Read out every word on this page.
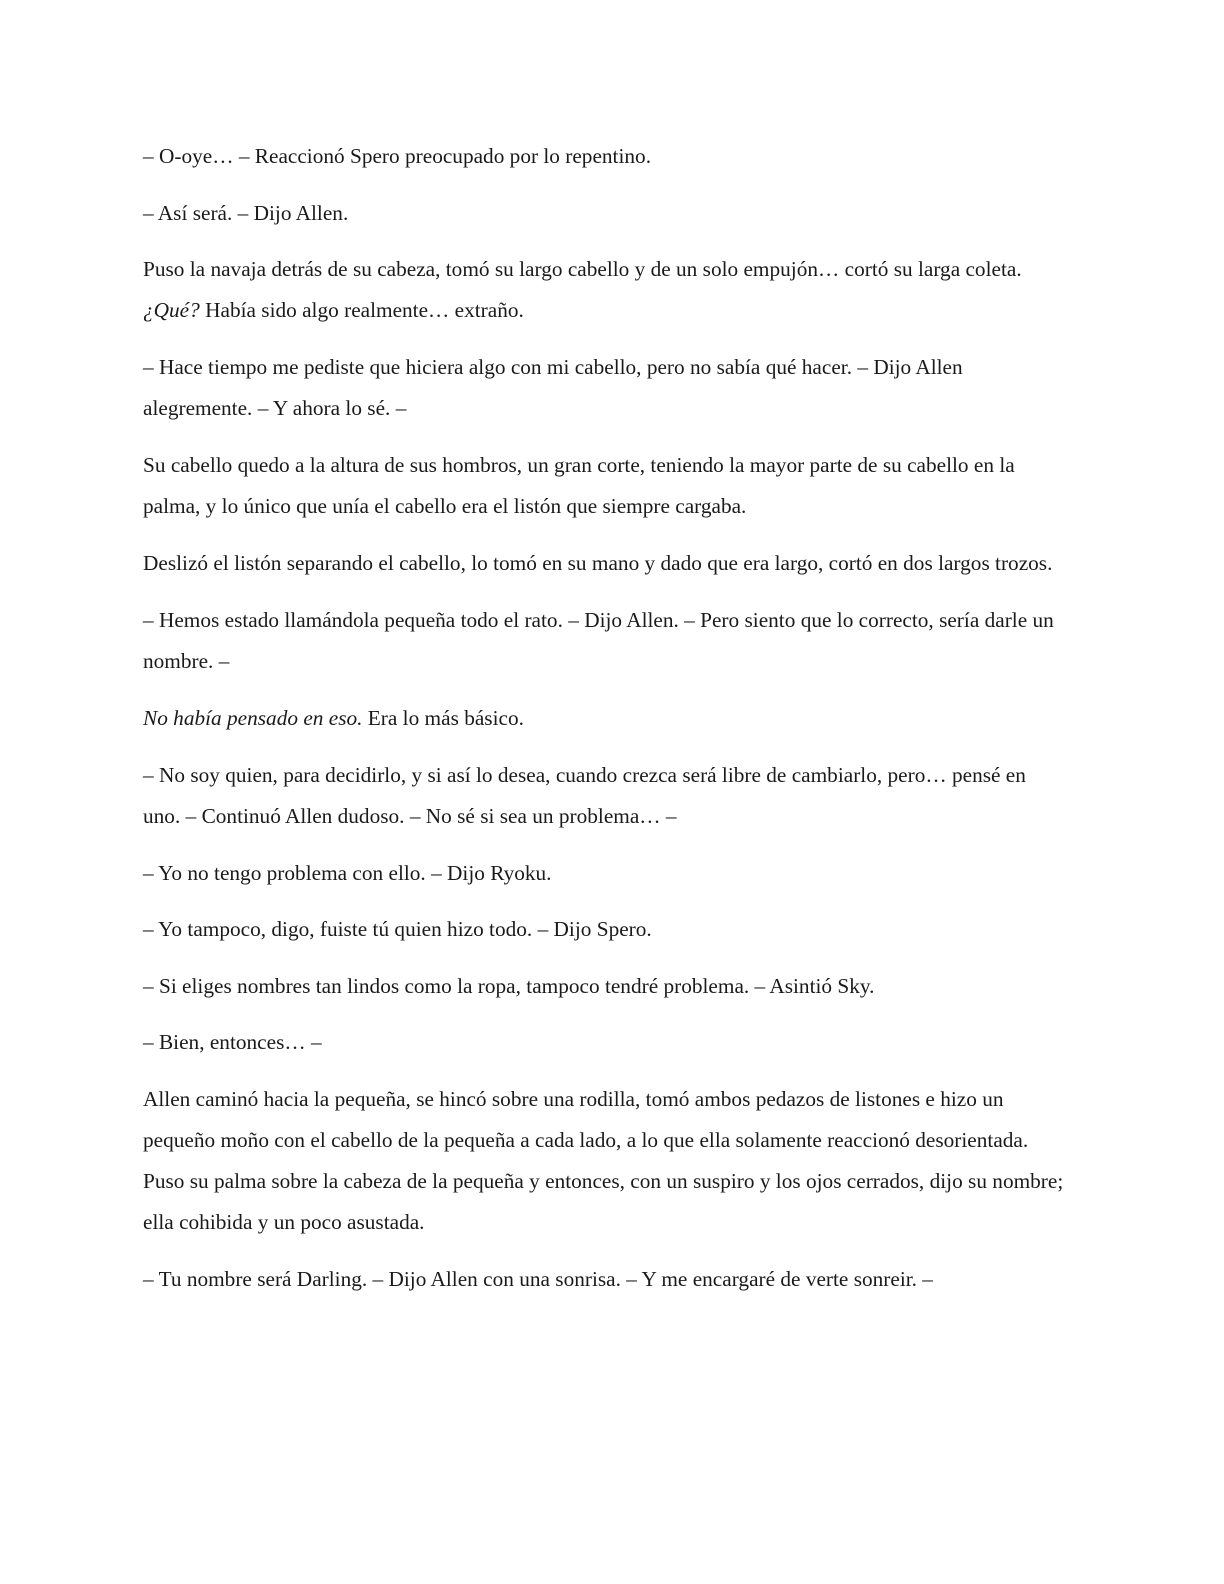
– O-oye… – Reaccionó Spero preocupado por lo repentino.

– Así será. – Dijo Allen.

Puso la navaja detrás de su cabeza, tomó su largo cabello y de un solo empujón… cortó su larga coleta. ¿Qué? Había sido algo realmente… extraño.

– Hace tiempo me pediste que hiciera algo con mi cabello, pero no sabía qué hacer. – Dijo Allen alegremente. – Y ahora lo sé. –

Su cabello quedo a la altura de sus hombros, un gran corte, teniendo la mayor parte de su cabello en la palma, y lo único que unía el cabello era el listón que siempre cargaba.

Deslizó el listón separando el cabello, lo tomó en su mano y dado que era largo, cortó en dos largos trozos.

– Hemos estado llamándola pequeña todo el rato. – Dijo Allen. – Pero siento que lo correcto, sería darle un nombre. –

No había pensado en eso. Era lo más básico.

– No soy quien, para decidirlo, y si así lo desea, cuando crezca será libre de cambiarlo, pero… pensé en uno. – Continuó Allen dudoso. – No sé si sea un problema… –

– Yo no tengo problema con ello. – Dijo Ryoku.

– Yo tampoco, digo, fuiste tú quien hizo todo. – Dijo Spero.

– Si eliges nombres tan lindos como la ropa, tampoco tendré problema. – Asintió Sky.

– Bien, entonces… –

Allen caminó hacia la pequeña, se hincó sobre una rodilla, tomó ambos pedazos de listones e hizo un pequeño moño con el cabello de la pequeña a cada lado, a lo que ella solamente reaccionó desorientada. Puso su palma sobre la cabeza de la pequeña y entonces, con un suspiro y los ojos cerrados, dijo su nombre; ella cohibida y un poco asustada.

– Tu nombre será Darling. – Dijo Allen con una sonrisa. – Y me encargaré de verte sonreir. –
